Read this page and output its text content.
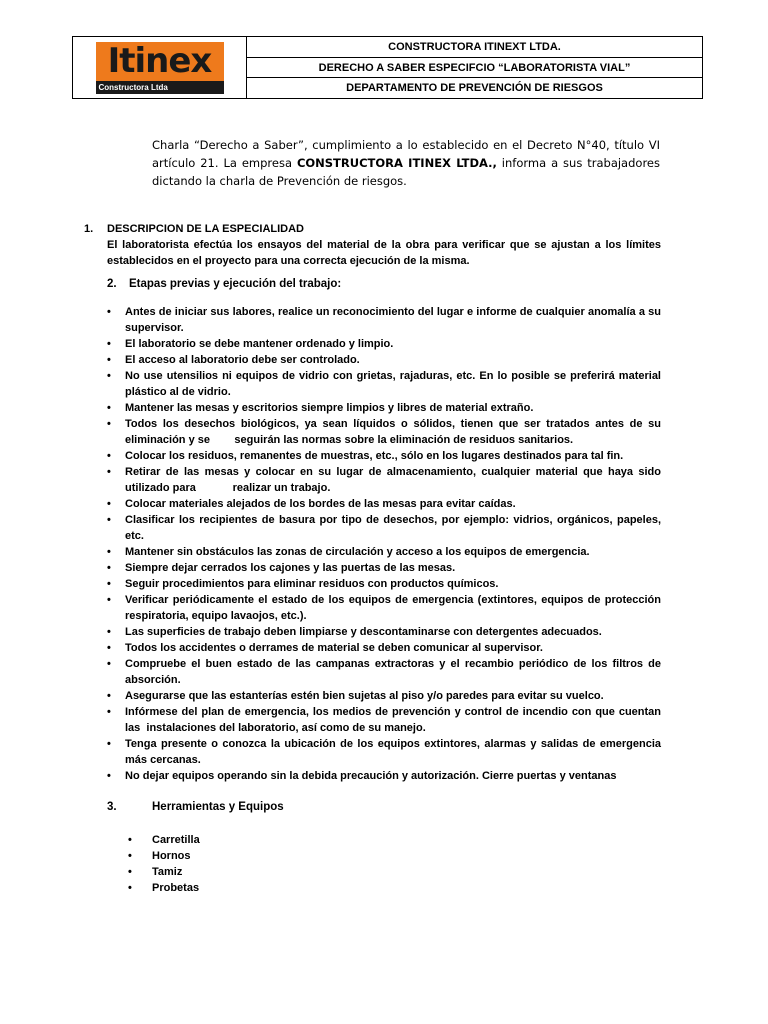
Itinex
Constructora Ltda
CONSTRUCTORA ITINEXT LTDA.
DERECHO A SABER ESPECIFCIO “LABORATORISTA VIAL”
DEPARTAMENTO DE PREVENCIÓN DE RIESGOS

Charla “Derecho a Saber”, cumplimiento a lo establecido en el Decreto N°40, título VI artículo 21. La empresa CONSTRUCTORA ITINEX LTDA., informa a sus trabajadores dictando la charla de Prevención de riesgos.

1. DESCRIPCION DE LA ESPECIALIDAD
El laboratorista efectúa los ensayos del material de la obra para verificar que se ajustan a los límites establecidos en el proyecto para una correcta ejecución de la misma.
2. Etapas previas y ejecución del trabajo:
• Antes de iniciar sus labores, realice un reconocimiento del lugar e informe de cualquier anomalía a su supervisor.
• El laboratorio se debe mantener ordenado y limpio.
• El acceso al laboratorio debe ser controlado.
• No use utensilios ni equipos de vidrio con grietas, rajaduras, etc. En lo posible se preferirá material plástico al de vidrio.
• Mantener las mesas y escritorios siempre limpios y libres de material extraño.
• Todos los desechos biológicos, ya sean líquidos o sólidos, tienen que ser tratados antes de su eliminación y se        seguirán las normas sobre la eliminación de residuos sanitarios.
• Colocar los residuos, remanentes de muestras, etc., sólo en los lugares destinados para tal fin.
• Retirar de las mesas y colocar en su lugar de almacenamiento, cualquier material que haya sido utilizado para            realizar un trabajo.
• Colocar materiales alejados de los bordes de las mesas para evitar caídas.
• Clasificar los recipientes de basura por tipo de desechos, por ejemplo: vidrios, orgánicos, papeles, etc.
• Mantener sin obstáculos las zonas de circulación y acceso a los equipos de emergencia.
• Siempre dejar cerrados los cajones y las puertas de las mesas.
• Seguir procedimientos para eliminar residuos con productos químicos.
• Verificar periódicamente el estado de los equipos de emergencia (extintores, equipos de protección respiratoria, equipo lavaojos, etc.).
• Las superficies de trabajo deben limpiarse y descontaminarse con detergentes adecuados.
• Todos los accidentes o derrames de material se deben comunicar al supervisor.
• Compruebe el buen estado de las campanas extractoras y el recambio periódico de los filtros de absorción.
• Asegurarse que las estanterías estén bien sujetas al piso y/o paredes para evitar su vuelco.
• Infórmese del plan de emergencia, los medios de prevención y control de incendio con que cuentan las  instalaciones del laboratorio, así como de su manejo.
• Tenga presente o conozca la ubicación de los equipos extintores, alarmas y salidas de emergencia más cercanas.
• No dejar equipos operando sin la debida precaución y autorización. Cierre puertas y ventanas
3.	Herramientas y Equipos
• Carretilla
• Hornos
• Tamiz
• Probetas
